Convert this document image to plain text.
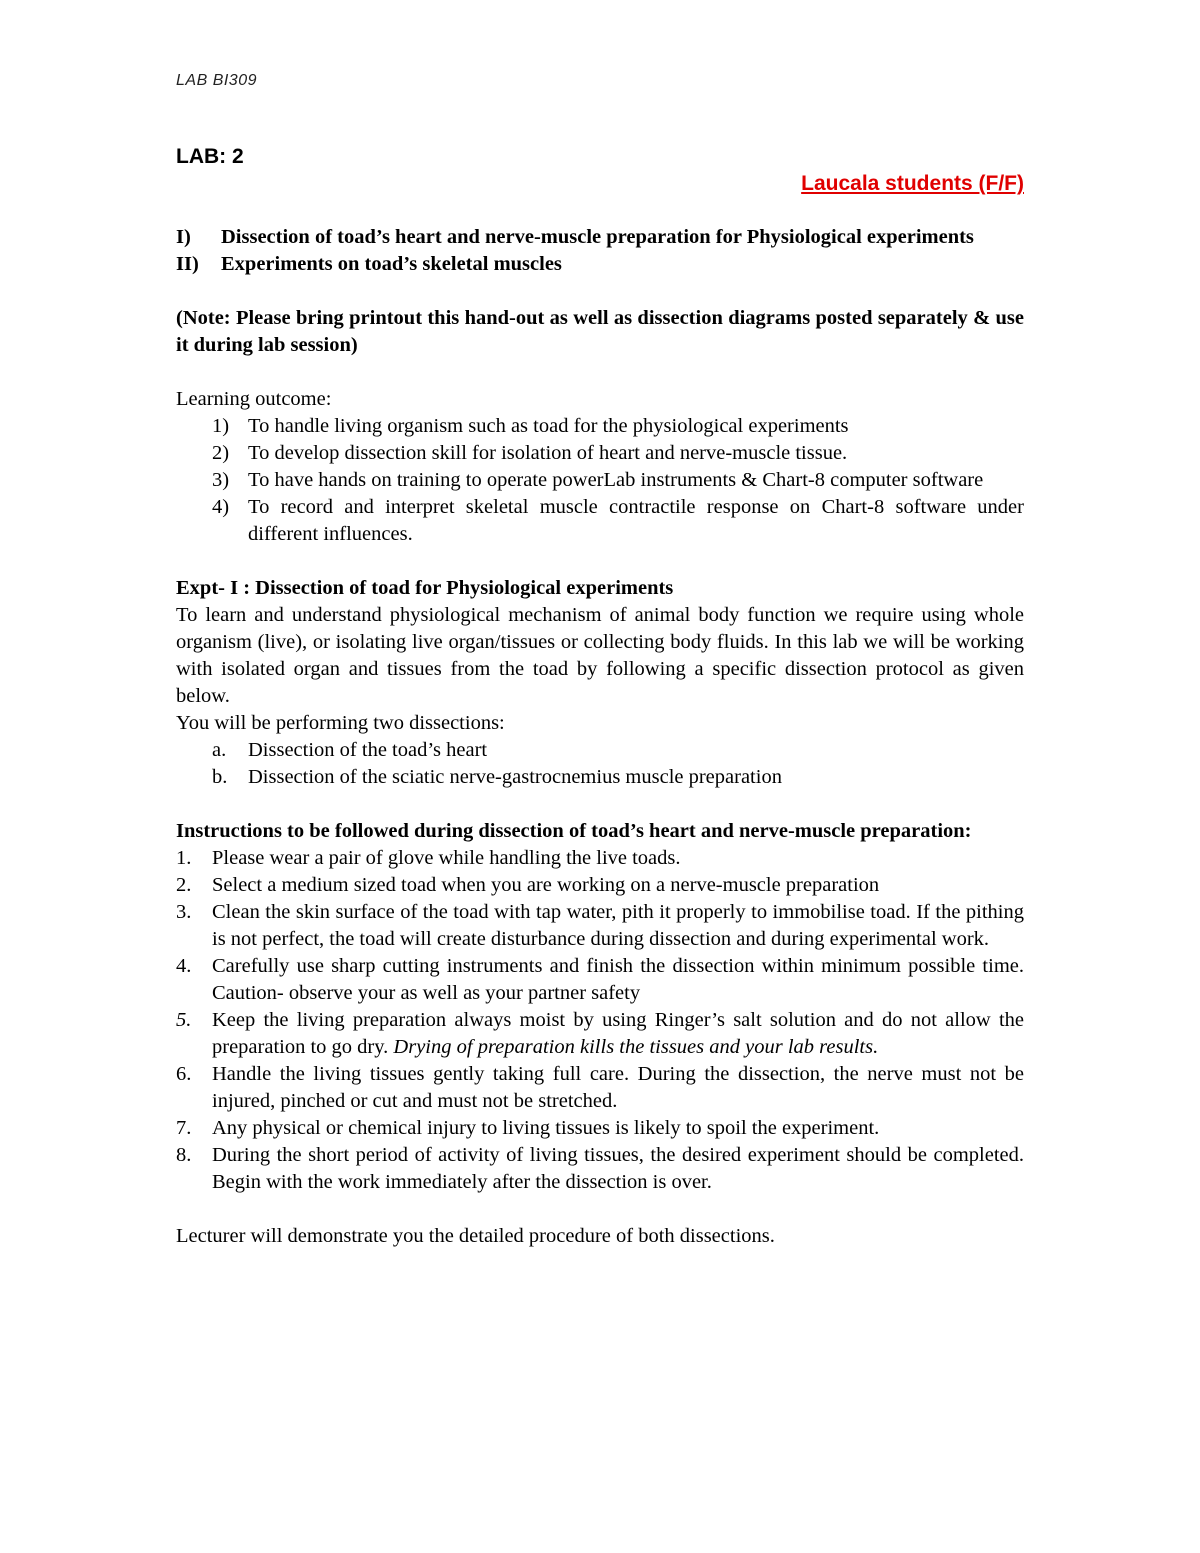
LAB BI309
LAB: 2
Laucala students (F/F)
I)	Dissection of toad’s heart and nerve-muscle preparation for Physiological experiments
II)	Experiments on toad’s skeletal muscles

(Note: Please bring printout this hand-out as well as dissection diagrams posted separately & use it during lab session)

Learning outcome:

1) To handle living organism such as toad for the physiological experiments
2) To develop dissection skill for isolation of heart and nerve-muscle tissue.
3) To have hands on training to operate powerLab instruments & Chart-8 computer software
4) To record and interpret skeletal muscle contractile response on Chart-8 software under different influences.

Expt- I : Dissection of toad for Physiological experiments

To learn and understand physiological mechanism of animal body function we require using whole organism (live), or isolating live organ/tissues or collecting body fluids. In this lab we will be working with isolated organ and tissues from the toad by following a specific dissection protocol as given below.

You will be performing two dissections:

a.	Dissection of the toad’s heart
b.	Dissection of the sciatic nerve-gastrocnemius muscle preparation

Instructions to be followed during dissection of toad’s heart and nerve-muscle preparation:

1.	Please wear a pair of glove while handling the live toads.
2.	Select a medium sized toad when you are working on a nerve-muscle preparation
3.	Clean the skin surface of the toad with tap water, pith it properly to immobilise toad. If the pithing is not perfect, the toad will create disturbance during dissection and during experimental work.
4.	Carefully use sharp cutting instruments and finish the dissection within minimum possible time. Caution- observe your as well as your partner safety
5.	Keep the living preparation always moist by using Ringer’s salt solution and do not allow the preparation to go dry. Drying of preparation kills the tissues and your lab results.
6.	Handle the living tissues gently taking full care. During the dissection, the nerve must not be injured, pinched or cut and must not be stretched.
7.	Any physical or chemical injury to living tissues is likely to spoil the experiment.
8.	During the short period of activity of living tissues, the desired experiment should be completed. Begin with the work immediately after the dissection is over.

Lecturer will demonstrate you the detailed procedure of both dissections.
